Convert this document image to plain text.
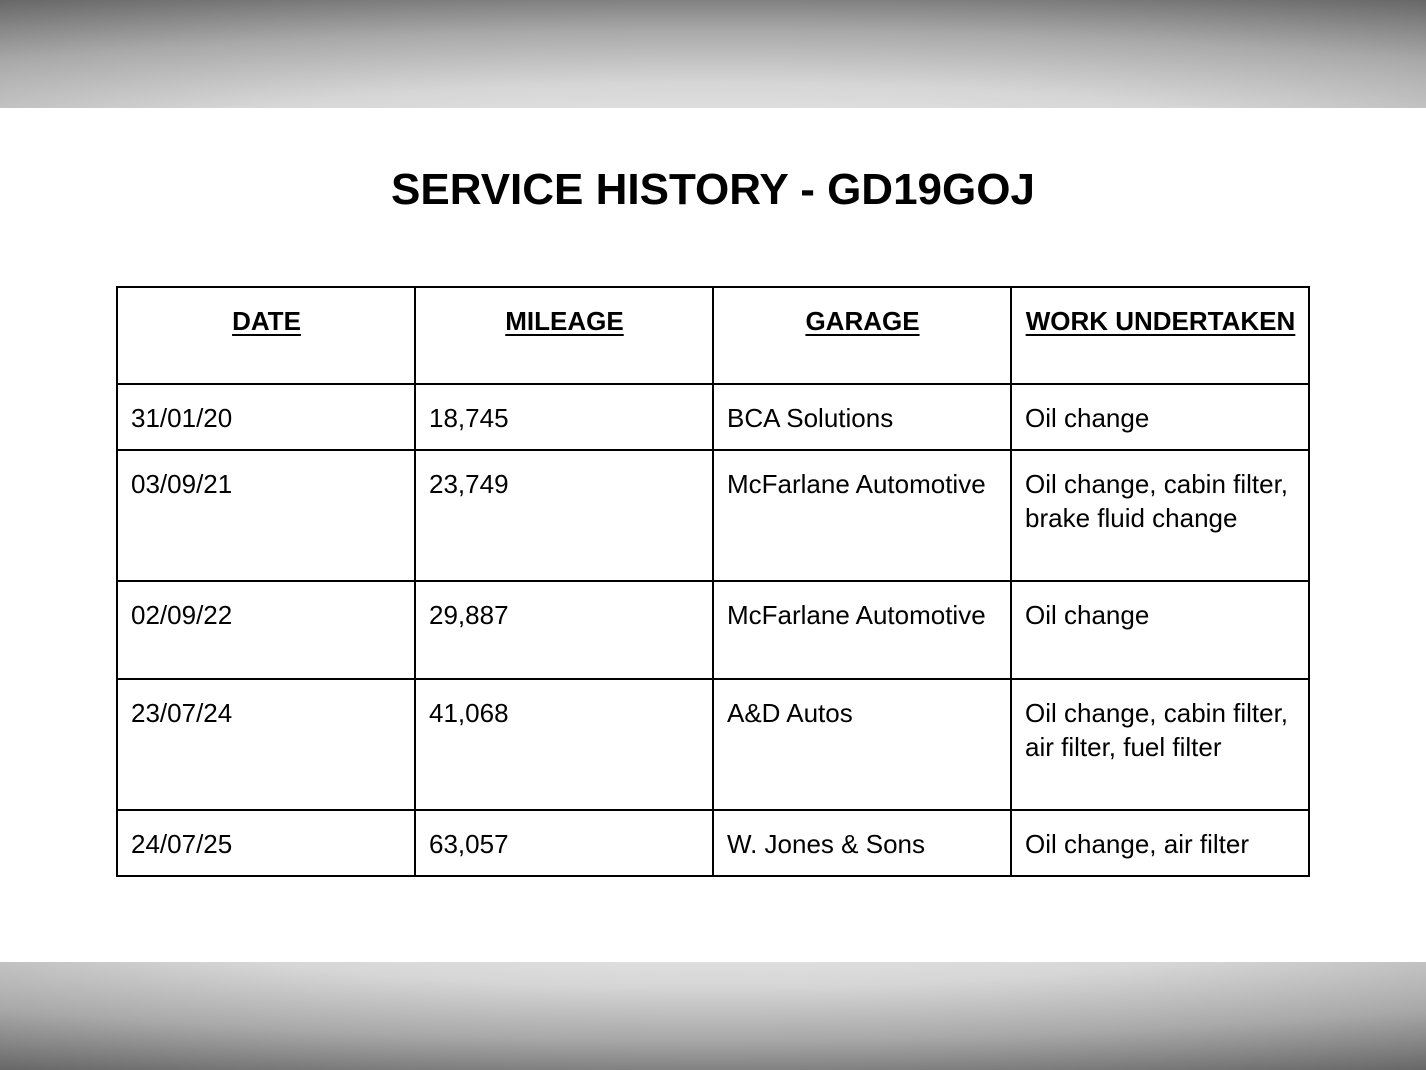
SERVICE HISTORY - GD19GOJ
DATE	MILEAGE	GARAGE	WORK UNDERTAKEN
31/01/20	18,745	BCA Solutions	Oil change
03/09/21	23,749	McFarlane Automotive	Oil change, cabin filter, brake fluid change
02/09/22	29,887	McFarlane Automotive	Oil change
23/07/24	41,068	A&D Autos	Oil change, cabin filter, air filter, fuel filter
24/07/25	63,057	W. Jones & Sons	Oil change, air filter
